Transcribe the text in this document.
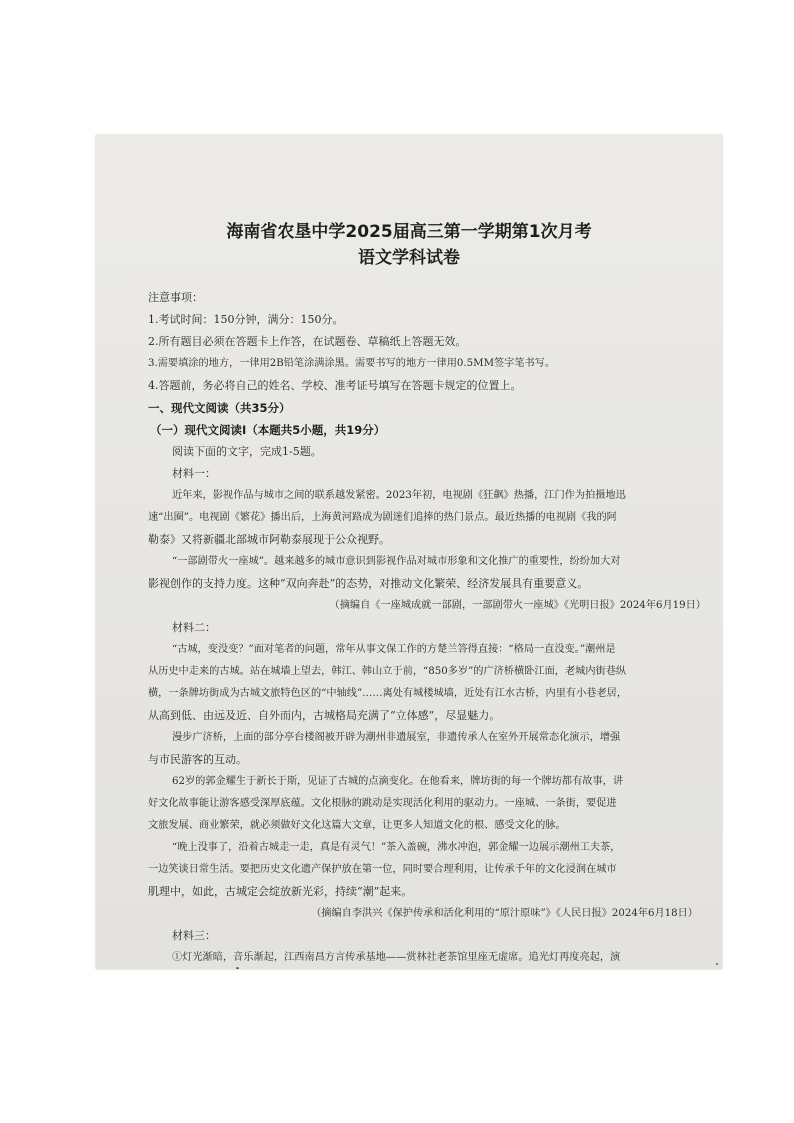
海南省农垦中学2025届高三第一学期第1次月考
语文学科试卷
注意事项：
1.考试时间：150分钟，满分：150分。
2.所有题目必须在答题卡上作答，在试题卷、草稿纸上答题无效。
3.需要填涂的地方，一律用2B铅笔涂满涂黑。需要书写的地方一律用0.5MM签字笔书写。
4.答题前，务必将自己的姓名、学校、准考证号填写在答题卡规定的位置上。
一、现代文阅读（共35分）
（一）现代文阅读Ⅰ（本题共5小题，共19分）
阅读下面的文字，完成1-5题。
材料一：
近年来，影视作品与城市之间的联系越发紧密。2023年初，电视剧《狂飙》热播，江门作为拍摄地迅
速“出圈”。电视剧《繁花》播出后，上海黄河路成为剧迷们追捧的热门景点。最近热播的电视剧《我的阿
勒泰》又将新疆北部城市阿勒泰展现于公众视野。
“一部剧带火一座城”。越来越多的城市意识到影视作品对城市形象和文化推广的重要性，纷纷加大对
影视创作的支持力度。这种“双向奔赴”的态势，对推动文化繁荣、经济发展具有重要意义。
（摘编自《一座城成就一部剧，一部剧带火一座城》《光明日报》2024年6月19日）
材料二：
“古城，变没变？”面对笔者的问题，常年从事文保工作的方楚兰答得直接：“格局一直没变。”潮州是
从历史中走来的古城。站在城墙上望去，韩江、韩山立于前，“850多岁”的广济桥横卧江面，老城内街巷纵
横，一条牌坊街成为古城文旅特色区的“中轴线”……离处有城楼城墙，近处有江水古桥，内里有小巷老居，
从高到低、由远及近、自外而内，古城格局充满了“立体感”，尽显魅力。
漫步广济桥，上面的部分亭台楼阁被开辟为潮州非遗展室，非遗传承人在室外开展常态化演示，增强
与市民游客的互动。
62岁的郭金耀生于新长于斯，见证了古城的点滴变化。在他看来，牌坊街的每一个牌坊都有故事，讲
好文化故事能让游客感受深厚底蕴。文化根脉的跳动是实现活化利用的驱动力。一座城、一条街，要促进
文旅发展、商业繁荣，就必须做好文化这篇大文章，让更多人知道文化的根、感受文化的脉。
“晚上没事了，沿着古城走一走，真是有灵气！”茶入盖碗，沸水冲泡，郭金耀一边展示潮州工夫茶，
一边笑谈日常生活。要把历史文化遗产保护放在第一位，同时要合理利用，让传承千年的文化浸润在城市
肌理中，如此，古城定会绽放新光彩，持续“潮”起来。
（摘编自李洪兴《保护传承和活化利用的“原汁原味”》《人民日报》2024年6月18日）
材料三：
①灯光渐暗，音乐渐起，江西南昌方言传承基地——赏林社老茶馆里座无虚席。追光灯再度亮起，演
